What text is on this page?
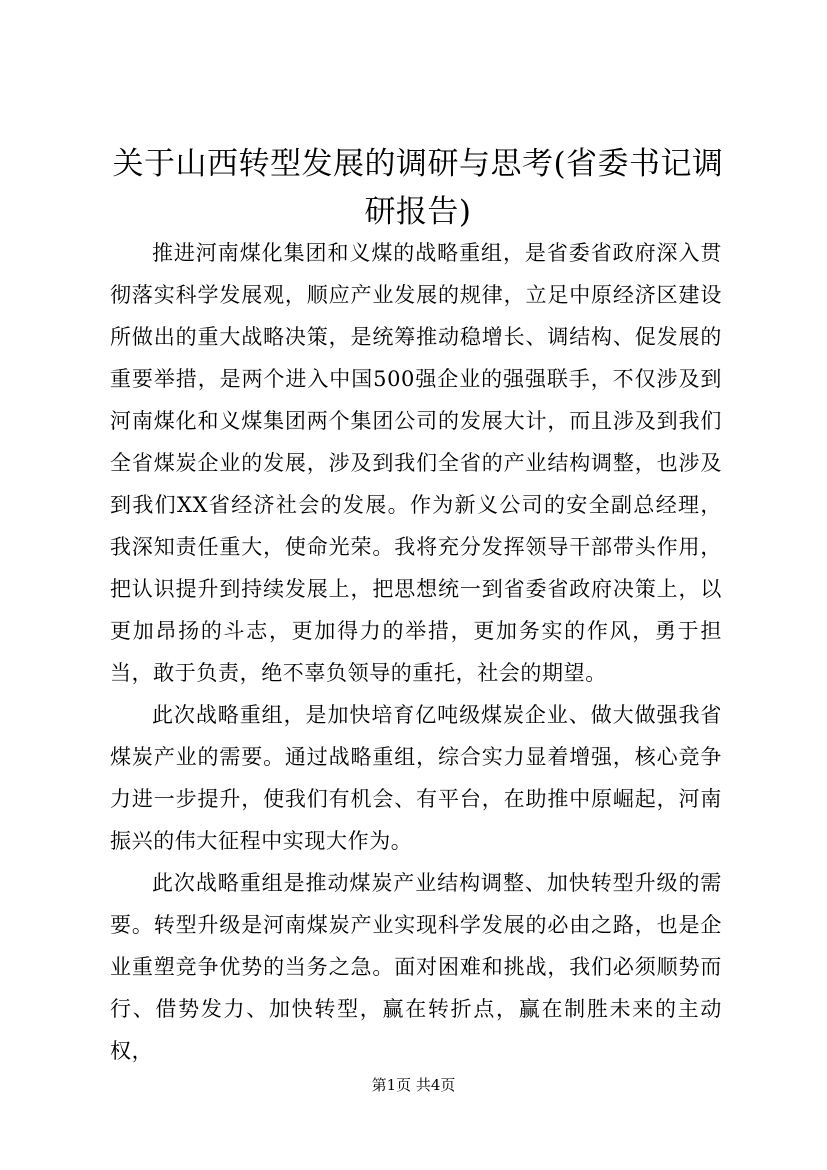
关于山西转型发展的调研与思考(省委书记调研报告)

推进河南煤化集团和义煤的战略重组，是省委省政府深入贯彻落实科学发展观，顺应产业发展的规律，立足中原经济区建设所做出的重大战略决策，是统筹推动稳增长、调结构、促发展的重要举措，是两个进入中国500强企业的强强联手，不仅涉及到河南煤化和义煤集团两个集团公司的发展大计，而且涉及到我们全省煤炭企业的发展，涉及到我们全省的产业结构调整，也涉及到我们XX省经济社会的发展。作为新义公司的安全副总经理，我深知责任重大，使命光荣。我将充分发挥领导干部带头作用，把认识提升到持续发展上，把思想统一到省委省政府决策上，以更加昂扬的斗志，更加得力的举措，更加务实的作风，勇于担当，敢于负责，绝不辜负领导的重托，社会的期望。

此次战略重组，是加快培育亿吨级煤炭企业、做大做强我省煤炭产业的需要。通过战略重组，综合实力显着增强，核心竞争力进一步提升，使我们有机会、有平台，在助推中原崛起，河南振兴的伟大征程中实现大作为。

此次战略重组是推动煤炭产业结构调整、加快转型升级的需要。转型升级是河南煤炭产业实现科学发展的必由之路，也是企业重塑竞争优势的当务之急。面对困难和挑战，我们必须顺势而行、借势发力、加快转型，赢在转折点，赢在制胜未来的主动权，

第1页 共4页
